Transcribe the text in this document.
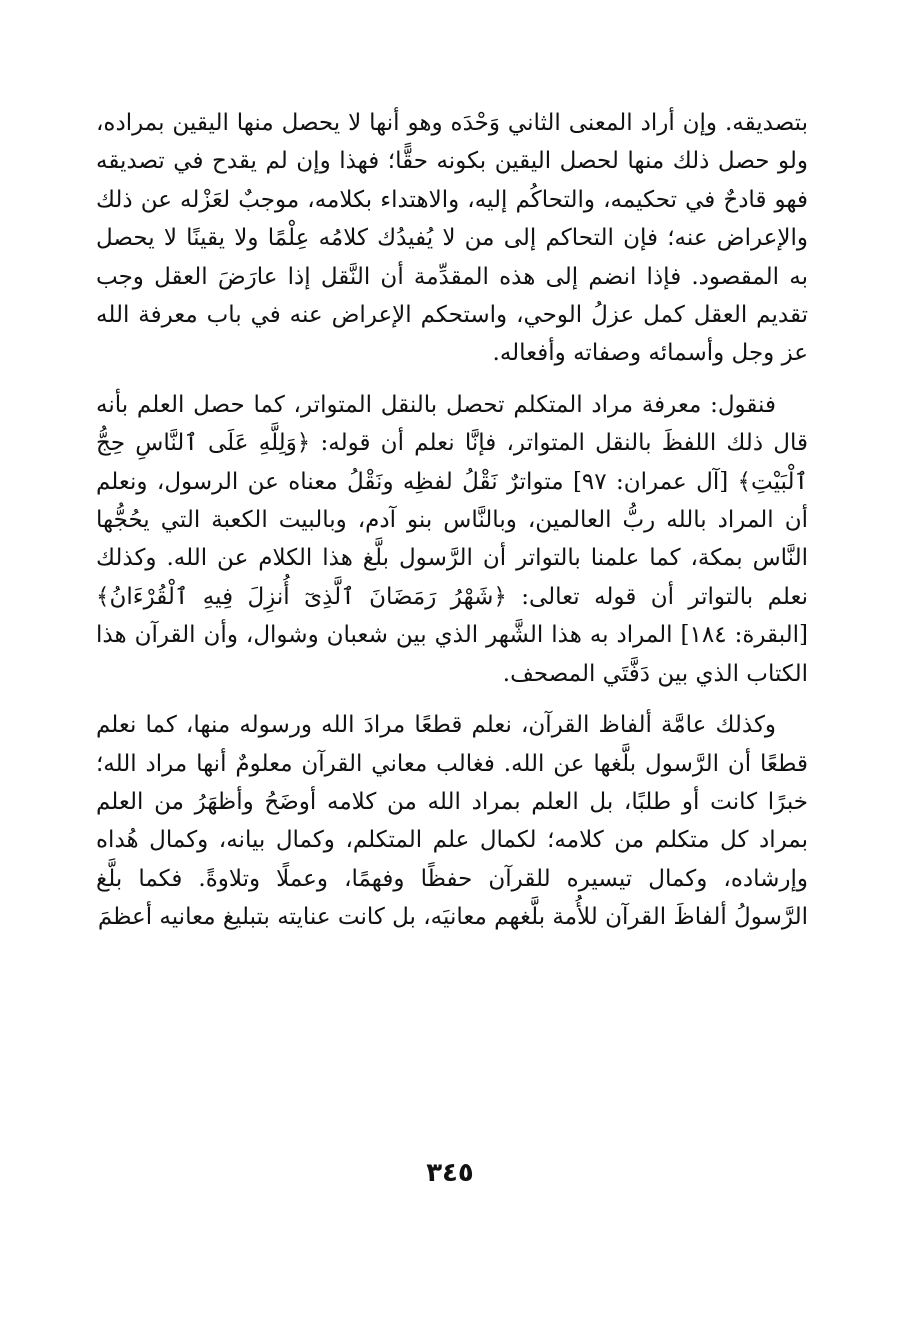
بتصديقه. وإن أراد المعنى الثاني وَحْدَه وهو أنها لا يحصل منها اليقين بمراده، ولو حصل ذلك منها لحصل اليقين بكونه حقًّا؛ فهذا وإن لم يقدح في تصديقه فهو قادحٌ في تحكيمه، والتحاكُم إليه، والاهتداء بكلامه، موجبٌ لعَزْله عن ذلك والإعراض عنه؛ فإن التحاكم إلى من لا يُفيدُك كلامُه عِلْمًا ولا يقينًا لا يحصل به المقصود. فإذا انضم إلى هذه المقدِّمة أن النَّقل إذا عارَضَ العقل وجب تقديم العقل كمل عزلُ الوحي، واستحكم الإعراض عنه في باب معرفة الله عز وجل وأسمائه وصفاته وأفعاله.

فنقول: معرفة مراد المتكلم تحصل بالنقل المتواتر، كما حصل العلم بأنه قال ذلك اللفظَ بالنقل المتواتر، فإنَّا نعلم أن قوله: ﴿وَلِلَّهِ عَلَى ٱلنَّاسِ حِجُّ ٱلْبَيْتِ﴾ [آل عمران: ٩٧] متواترٌ نَقْلُ لفظِه ونَقْلُ معناه عن الرسول، ونعلم أن المراد بالله ربُّ العالمين، وبالنَّاس بنو آدم، وبالبيت الكعبة التي يحُجُّها النَّاس بمكة، كما علمنا بالتواتر أن الرَّسول بلَّغ هذا الكلام عن الله. وكذلك نعلم بالتواتر أن قوله تعالى: ﴿شَهْرُ رَمَضَانَ ٱلَّذِىٓ أُنزِلَ فِيهِ ٱلْقُرْءَانُ﴾ [البقرة: ١٨٤] المراد به هذا الشَّهر الذي بين شعبان وشوال، وأن القرآن هذا الكتاب الذي بين دَفَّتَي المصحف.

وكذلك عامَّة ألفاظ القرآن، نعلم قطعًا مرادَ الله ورسوله منها، كما نعلم قطعًا أن الرَّسول بلَّغها عن الله. فغالب معاني القرآن معلومٌ أنها مراد الله؛ خبرًا كانت أو طلبًا، بل العلم بمراد الله من كلامه أوضَحُ وأظهَرُ من العلم بمراد كل متكلم من كلامه؛ لكمال علم المتكلم، وكمال بيانه، وكمال هُداه وإرشاده، وكمال تيسيره للقرآن حفظًا وفهمًا، وعملًا وتلاوةً. فكما بلَّغ الرَّسولُ ألفاظَ القرآن للأُمة بلَّغهم معانيَه، بل كانت عنايته بتبليغ معانيه أعظمَ

٣٤٥
